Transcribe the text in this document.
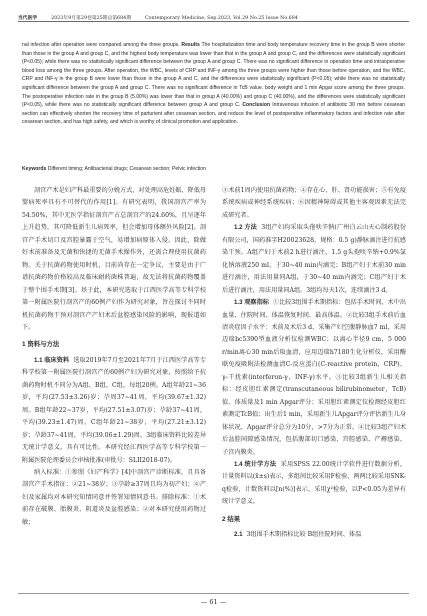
当代医学	2023年9月第29卷第25期总第684期	Contemporary Medicine, Sep.2023, Vol.29 No.25 Issue No.684
nal infection after operation were compared among the three groups. Results The hospitalization time and body temperature recovery time in the group B were shorter than those in the group A and group C, and the highest body temperature was lower than that in the group A and group C, and the differences were statistically significant (P<0.05); while there was no statistically significant difference between the group A and group C. There was no significant difference in operation time and intraoperative blood loss among the three groups. After operation, the WBC, levels of CRP and INF-γ among the three groups were higher than those before operation, and the WBC, CRP and INF-γ in the group B were lower than those in the group A and C, and the differences were statistically significant (P<0.05); while there was no statistically significant difference between the group A and group C. There was no significant difference in TcB value, body weight and 1 min Apgar score among the three groups. The postoperative infection rate in the group B (5.00%) was lower than that in group A (40.00%) and group C (40.00%), and the differences were statistically significant (P<0.05), while there was no statistically significant difference between group A and group C. Conclusion Intravenous infusion of antibiotic 30 min before cesarean section can effectively shorten the recovery time of parturient after cesarean section, and reduce the level of postoperative inflammatory factors and infection rate after cesarean section, and has high safety, and which is worthy of clinical promotion and application.
Keywords Different timing; Antibacterial drugs; Cesarean section; Pelvic infection

剖宫产术是妇产科最重要的分娩方式，对处理高危妊娠、降低母婴病死率具有不可替代的作用[1]。有研究表明，我国剖宫产率为54.50%，其中无医学指征剖宫产占总剖宫产的24.60%，且呈逐年上升趋势，其可降低新生儿病死率，但会增加母体额外风险[2]。剖宫产手术切口及宫腔暴露于空气，易增加病原体入侵。因此，除做好术前准备及无菌和快捷的无菌手术操作外，还需合理使用抗菌药物。关于抗菌药物使用时机，目前尚存在一定争议，主要是由于广谱抗菌药物价格较高及临床耐药菌株普遍，故无法将抗菌药物覆盖于整个围手术期[3]。基于此，本研究选取于江西医学高等专科学校第一附属医院行剖宫产的60例产妇作为研究对象，旨在探讨不同时机抗菌药物干预对剖宫产产妇术后盆腔感染风险的影响，现报道如下。

1 资料与方法

1.1 临床资料 选取2019年7月至2021年7月于江西医学高等专科学校第一附属医院行剖宫产的60例产妇为研究对象，按照给予抗菌药物时机不同分为A组、B组、C组，每组20例。A组年龄21~36岁，平均(27.53±3.26)岁；孕周37~41周，平均(39.67±1.32)周。B组年龄22~37岁，平均(27.51±3.07)岁；孕龄37~41周，平均(39.23±1.47)周。C组年龄21~38岁，平均(27.21±3.12)岁；孕龄37~41周，平均(39.06±1.29)周。3组临床资料比较差异无统计学意义，具有可比性。本研究经江西医学高等专科学校第一附属医院伦理委员会审核批准(审批号：SLII2018-07)。

纳入标准：①参照《妇产科学》[4]中剖宫产诊断标准，且具备剖宫产手术指征；②21~38岁；③孕龄≥37周且均为初产妇；④产妇及家属均对本研究知情同意并签署知情同意书。排除标准：①术前存在破膜、胎膜炎、阴道炎及盆腔感染；②对本研究使用药物过敏；

③术前1周内使用抗菌药物；④存在心、肝、肾功能损害；⑤有免疫系统疾病或神经系统疾病；⑥因精神障碍或其他主客观因素无法完成研究者。

1.2 方法 3组产妇均采取头孢呋辛钠(广州白云山天心制药股份有限公司，国药准字H20023628，规格：0.5 g)静脉滴注进行抗感染干预。A组产妇于术前2 h进行滴注，1.5 g头孢呋辛钠+0.9%氯化钠溶液250 ml，于30~40 min内滴完；B组产妇于术前30 min进行滴注，用法用量同A组，于30~40 min内滴完；C组产妇于术后进行滴注，用法用量同A组。3组均每天1次，连续滴注3 d。

1.3 观察指标 ①比较3组围手术期指标：包括手术时间、术中出血量、住院时间、体温恢复时间、最高体温。②比较3组手术前后血清炎症因子水平：术前及术后3 d，采集产妇空腹静脉血7 ml，采用迈瑞bc5390型血液分析仪检测WBC；以离心半径9 cm，5 000 r/min离心30 min后取血清，应用迈瑞h7180生化分析仪，采用酶联免疫吸附法检测血清C-反应蛋白(C-reactive protein，CRP)、γ-干扰素(interferon-γ，INF-γ)水平。③比较3组新生儿相关指标：经皮胆红素测定(transcutaneous bilirubinometer，TcB)值、体质量及1 min Apgar评分；采用胆红素测定仪检测经皮胆红素测定TcB值；出生后1 min，采用新生儿Apgar评分评估新生儿身体状况，Apgar评分总分为10分，>7分为正常。④比较3组产妇术后盆腔间隙感染情况，包括腹部切口感染、宫腔感染、产褥感染、子宫内膜炎。

1.4 统计学方法 采用SPSS 22.00统计学软件进行数据分析，计量资料以(x̄±s)表示，多组间比较采用F检验，两两比较采用SNK-q检验，计数资料以[n(%)]表示，采用χ²检验，以P<0.05为差异有统计学意义。

2 结果

2.1 3组围手术期指标比较 B组住院时间、体温

— 61 —
